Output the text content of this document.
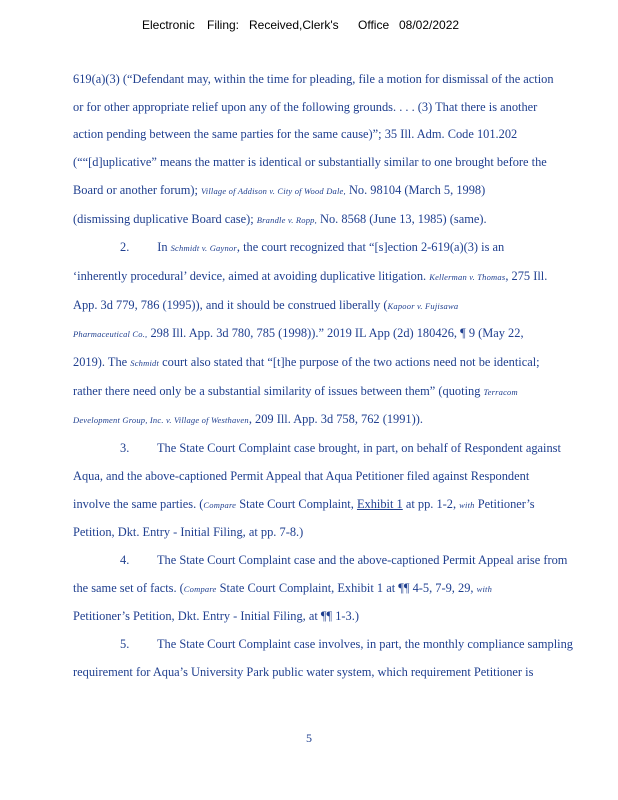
Electronic Filing: Received,Clerk's Office 08/02/2022

619(a)(3) (“Defendant may, within the time for pleading, file a motion for dismissal of the action
or for other appropriate relief upon any of the following grounds. . . . (3) That there is another
action pending between the same parties for the same cause)”; 35 Ill. Adm. Code 101.202
(““[d]uplicative” means the matter is identical or substantially similar to one brought before the
Board or another forum); Village of Addison v. City of Wood Dale, No. 98104 (March 5, 1998)
(dismissing duplicative Board case); Brandle v. Ropp, No. 8568 (June 13, 1985) (same).

2. In Schmidt v. Gaynor, the court recognized that “[s]ection 2-619(a)(3) is an
‘inherently procedural’ device, aimed at avoiding duplicative litigation. Kellerman v. Thomas, 275 Ill.
App. 3d 779, 786 (1995)), and it should be construed liberally (Kapoor v. Fujisawa
Pharmaceutical Co., 298 Ill. App. 3d 780, 785 (1998)).” 2019 IL App (2d) 180426, ¶ 9 (May 22,
2019). The Schmidt court also stated that “[t]he purpose of the two actions need not be identical;
rather there need only be a substantial similarity of issues between them” (quoting Terracom
Development Group, Inc. v. Village of Westhaven, 209 Ill. App. 3d 758, 762 (1991)).

3. The State Court Complaint case brought, in part, on behalf of Respondent against
Aqua, and the above-captioned Permit Appeal that Aqua Petitioner filed against Respondent
involve the same parties. (Compare State Court Complaint, Exhibit 1 at pp. 1-2, with Petitioner’s
Petition, Dkt. Entry - Initial Filing, at pp. 7-8.)

4. The State Court Complaint case and the above-captioned Permit Appeal arise from
the same set of facts. (Compare State Court Complaint, Exhibit 1 at ¶¶ 4-5, 7-9, 29, with
Petitioner’s Petition, Dkt. Entry - Initial Filing, at ¶¶ 1-3.)

5. The State Court Complaint case involves, in part, the monthly compliance sampling
requirement for Aqua’s University Park public water system, which requirement Petitioner is

5
